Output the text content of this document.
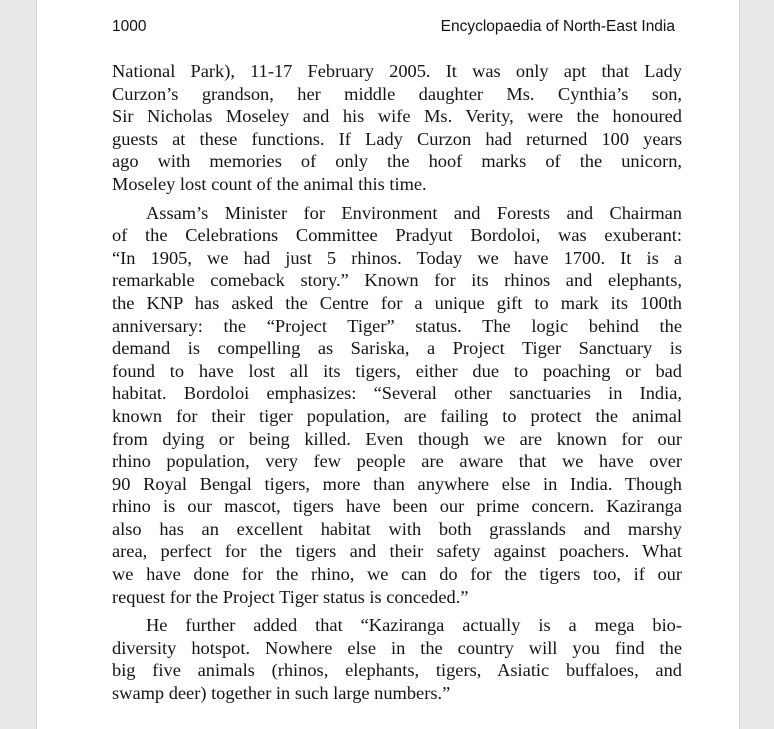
1000	Encyclopaedia of North-East India

National Park), 11-17 February 2005. It was only apt that Lady
Curzon’s grandson, her middle daughter Ms. Cynthia’s son,
Sir Nicholas Moseley and his wife Ms. Verity, were the honoured
guests at these functions. If Lady Curzon had returned 100 years
ago with memories of only the hoof marks of the unicorn,
Moseley lost count of the animal this time.

Assam’s Minister for Environment and Forests and Chairman
of the Celebrations Committee Pradyut Bordoloi, was exuberant:
“In 1905, we had just 5 rhinos. Today we have 1700. It is a
remarkable comeback story.” Known for its rhinos and elephants,
the KNP has asked the Centre for a unique gift to mark its 100th
anniversary: the “Project Tiger” status. The logic behind the
demand is compelling as Sariska, a Project Tiger Sanctuary is
found to have lost all its tigers, either due to poaching or bad
habitat. Bordoloi emphasizes: “Several other sanctuaries in India,
known for their tiger population, are failing to protect the animal
from dying or being killed. Even though we are known for our
rhino population, very few people are aware that we have over
90 Royal Bengal tigers, more than anywhere else in India. Though
rhino is our mascot, tigers have been our prime concern. Kaziranga
also has an excellent habitat with both grasslands and marshy
area, perfect for the tigers and their safety against poachers. What
we have done for the rhino, we can do for the tigers too, if our
request for the Project Tiger status is conceded.”

He further added that “Kaziranga actually is a mega bio-
diversity hotspot. Nowhere else in the country will you find the
big five animals (rhinos, elephants, tigers, Asiatic buffaloes, and
swamp deer) together in such large numbers.”
